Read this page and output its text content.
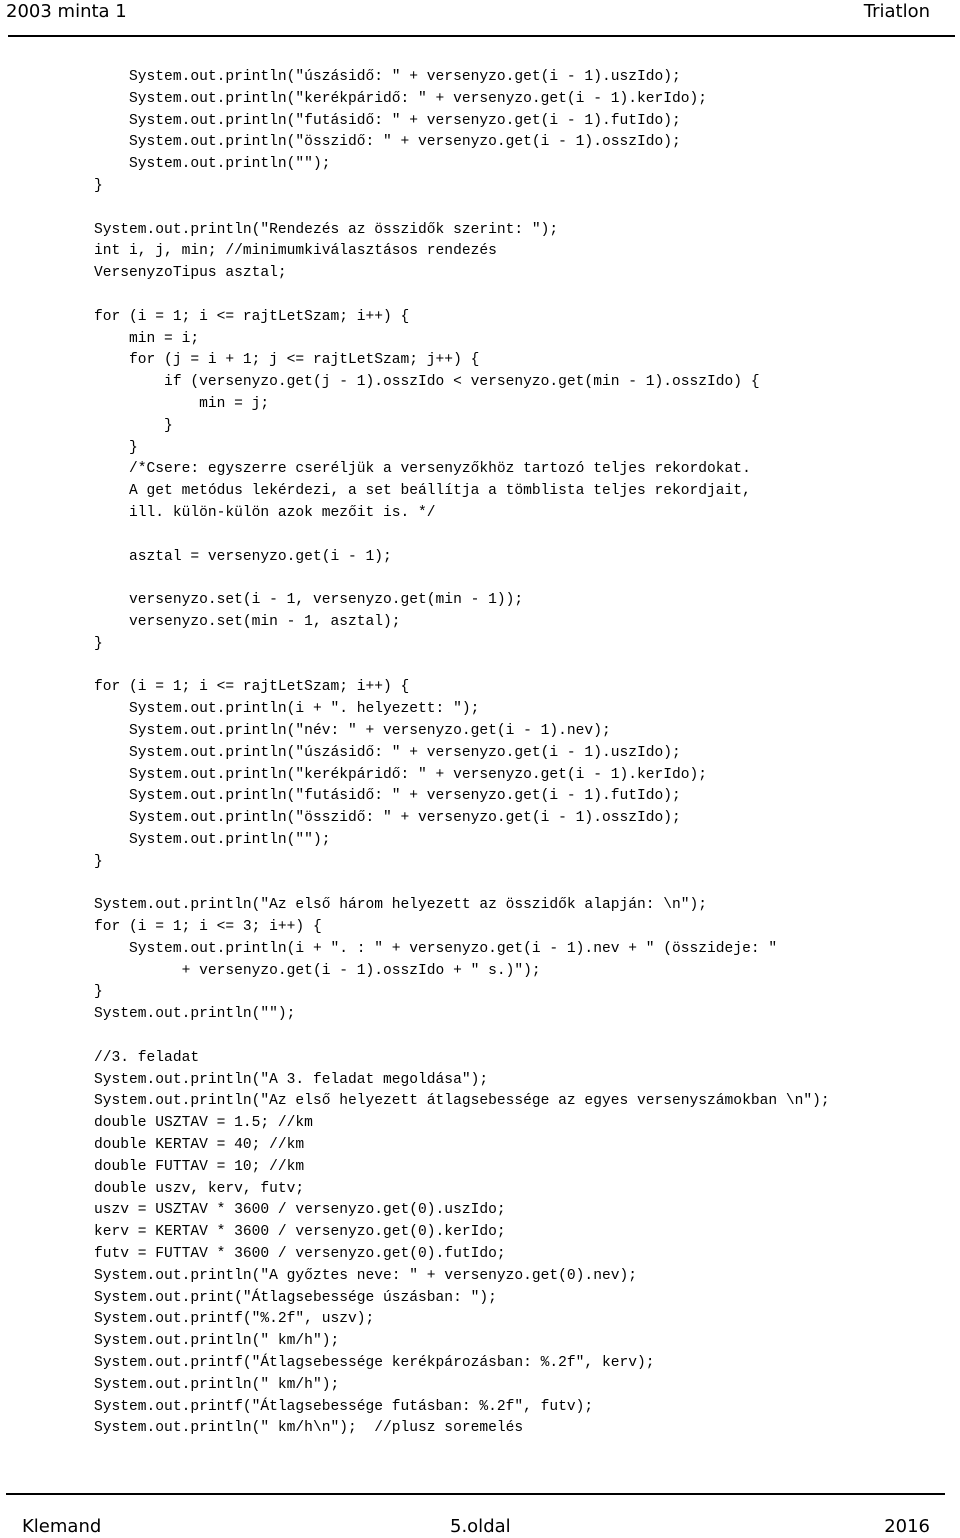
2003 minta 1	Triatlon
System.out.println("úszásidő: " + versenyzo.get(i - 1).uszIdo);
System.out.println("kerékpáridő: " + versenyzo.get(i - 1).kerIdo);
System.out.println("futásidő: " + versenyzo.get(i - 1).futIdo);
System.out.println("összidő: " + versenyzo.get(i - 1).osszIdo);
System.out.println("");
}
System.out.println("Rendezés az összidők szerint: ");
int i, j, min; //minimumkiválasztásos rendezés
VersenyzoTipus asztal;
for (i = 1; i <= rajtLetSzam; i++) {
min = i;
for (j = i + 1; j <= rajtLetSzam; j++) {
if (versenyzo.get(j - 1).osszIdo < versenyzo.get(min - 1).osszIdo) {
min = j;
}
}
/*Csere: egyszerre cseréljük a versenyzőkhöz tartozó teljes rekordokat.
A get metódus lekérdezi, a set beállítja a tömblista teljes rekordjait,
ill. külön-külön azok mezőit is. */
asztal = versenyzo.get(i - 1);
versenyzo.set(i - 1, versenyzo.get(min - 1));
versenyzo.set(min - 1, asztal);
}
for (i = 1; i <= rajtLetSzam; i++) {
System.out.println(i + ". helyezett: ");
System.out.println("név: " + versenyzo.get(i - 1).nev);
System.out.println("úszásidő: " + versenyzo.get(i - 1).uszIdo);
System.out.println("kerékpáridő: " + versenyzo.get(i - 1).kerIdo);
System.out.println("futásidő: " + versenyzo.get(i - 1).futIdo);
System.out.println("összidő: " + versenyzo.get(i - 1).osszIdo);
System.out.println("");
}
System.out.println("Az első három helyezett az összidők alapján: \n");
for (i = 1; i <= 3; i++) {
System.out.println(i + ". : " + versenyzo.get(i - 1).nev + " (összideje: "
+ versenyzo.get(i - 1).osszIdo + " s.)");
}
System.out.println("");
//3. feladat
System.out.println("A 3. feladat megoldása");
System.out.println("Az első helyezett átlagsebessége az egyes versenyszámokban \n");
double USZTAV = 1.5; //km
double KERTAV = 40; //km
double FUTTAV = 10; //km
double uszv, kerv, futv;
uszv = USZTAV * 3600 / versenyzo.get(0).uszIdo;
kerv = KERTAV * 3600 / versenyzo.get(0).kerIdo;
futv = FUTTAV * 3600 / versenyzo.get(0).futIdo;
System.out.println("A győztes neve: " + versenyzo.get(0).nev);
System.out.print("Átlagsebessége úszásban: ");
System.out.printf("%.2f", uszv);
System.out.println(" km/h");
System.out.printf("Átlagsebessége kerékpározásban: %.2f", kerv);
System.out.println(" km/h");
System.out.printf("Átlagsebessége futásban: %.2f", futv);
System.out.println(" km/h\n");  //plusz soremelés
Klemand	5.oldal	2016
